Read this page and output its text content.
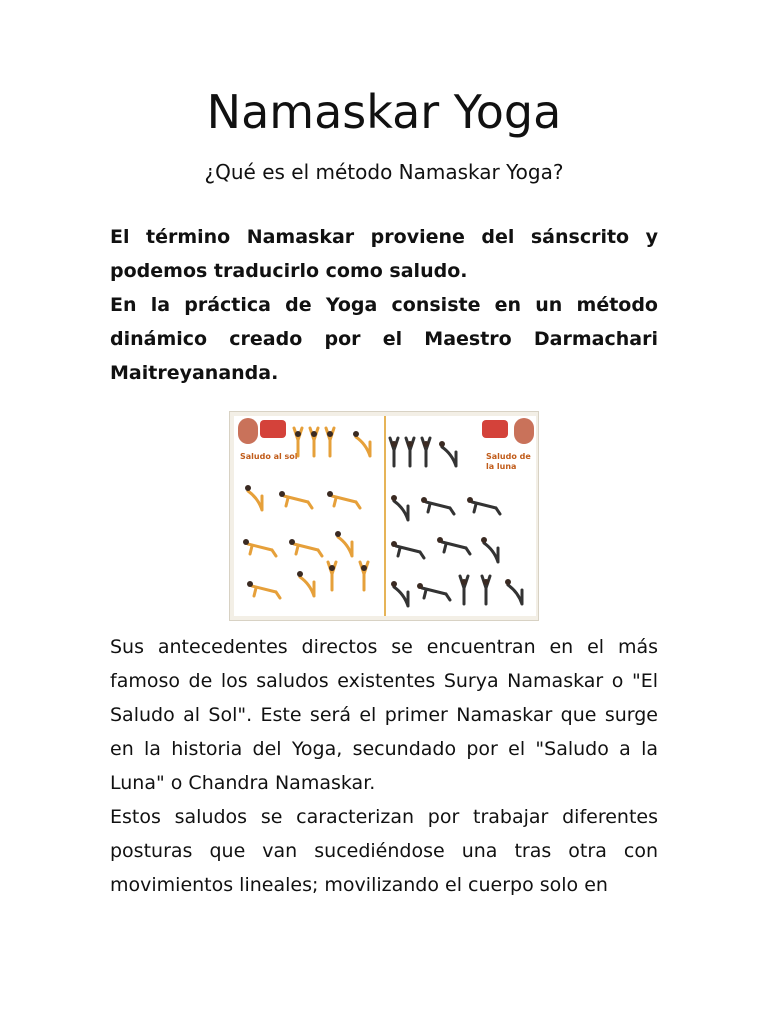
Namaskar Yoga
¿Qué es el método Namaskar Yoga?

El término Namaskar proviene del sánscrito y podemos traducirlo como saludo.

En la práctica de Yoga consiste en un método dinámico creado por el Maestro Darmachari Maitreyananda.

Saludo al sol	Saludo de la luna

Sus antecedentes directos se encuentran en el más famoso de los saludos existentes Surya Namaskar o "El Saludo al Sol". Este será el primer Namaskar que surge en la historia del Yoga, secundado por el "Saludo a la Luna" o Chandra Namaskar.

Estos saludos se caracterizan por trabajar diferentes posturas que van sucediéndose una tras otra con movimientos lineales; movilizando el cuerpo solo en
